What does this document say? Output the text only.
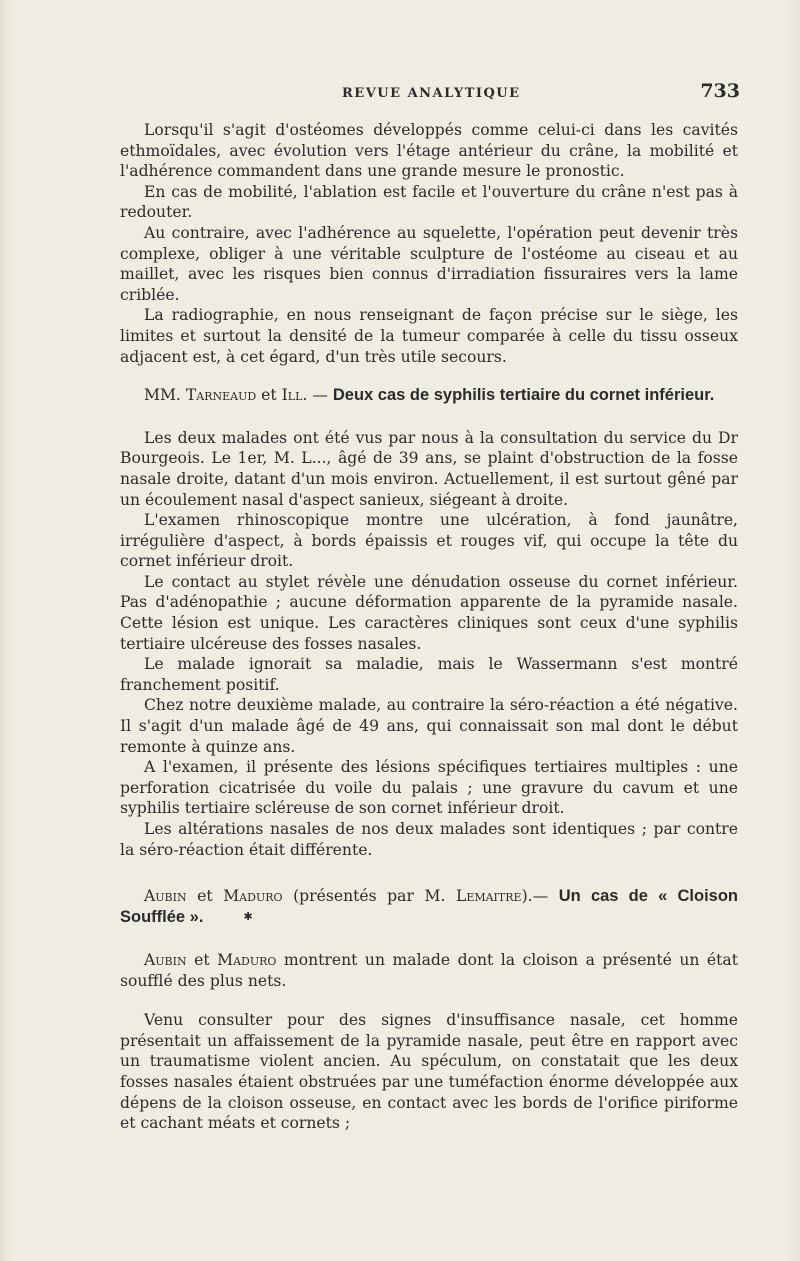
REVUE ANALYTIQUE	733

Lorsqu'il s'agit d'ostéomes développés comme celui-ci dans les cavités ethmoïdales, avec évolution vers l'étage antérieur du crâne, la mobilité et l'adhérence commandent dans une grande mesure le pronostic.

En cas de mobilité, l'ablation est facile et l'ouverture du crâne n'est pas à redouter.

Au contraire, avec l'adhérence au squelette, l'opération peut devenir très complexe, obliger à une véritable sculpture de l'ostéome au ciseau et au maillet, avec les risques bien connus d'irradiation fissuraires vers la lame criblée.

La radiographie, en nous renseignant de façon précise sur le siège, les limites et surtout la densité de la tumeur comparée à celle du tissu osseux adjacent est, à cet égard, d'un très utile secours.

MM. Tarneaud et Ill. — Deux cas de syphilis tertiaire du cornet inférieur.

Les deux malades ont été vus par nous à la consultation du service du Dr Bourgeois. Le 1er, M. L..., âgé de 39 ans, se plaint d'obstruction de la fosse nasale droite, datant d'un mois environ. Actuellement, il est surtout gêné par un écoulement nasal d'aspect sanieux, siégeant à droite.

L'examen rhinoscopique montre une ulcération, à fond jaunâtre, irrégulière d'aspect, à bords épaissis et rouges vif, qui occupe la tête du cornet inférieur droit.

Le contact au stylet révèle une dénudation osseuse du cornet inférieur. Pas d'adénopathie ; aucune déformation apparente de la pyramide nasale. Cette lésion est unique. Les caractères cliniques sont ceux d'une syphilis tertiaire ulcéreuse des fosses nasales.

Le malade ignorait sa maladie, mais le Wassermann s'est montré franchement positif.

Chez notre deuxième malade, au contraire la séro-réaction a été négative. Il s'agit d'un malade âgé de 49 ans, qui connaissait son mal dont le début remonte à quinze ans.

A l'examen, il présente des lésions spécifiques tertiaires multiples : une perforation cicatrisée du voile du palais ; une gravure du cavum et une syphilis tertiaire scléreuse de son cornet inférieur droit.

Les altérations nasales de nos deux malades sont identiques ; par contre la séro-réaction était différente.

Aubin et Maduro (présentés par M. Lemaitre).— Un cas de « Cloison Soufflée ».	✱

Aubin et Maduro montrent un malade dont la cloison a présenté un état soufflé des plus nets.

Venu consulter pour des signes d'insuffisance nasale, cet homme présentait un affaissement de la pyramide nasale, peut être en rapport avec un traumatisme violent ancien. Au spéculum, on constatait que les deux fosses nasales étaient obstruées par une tuméfaction énorme développée aux dépens de la cloison osseuse, en contact avec les bords de l'orifice piriforme et cachant méats et cornets ;
